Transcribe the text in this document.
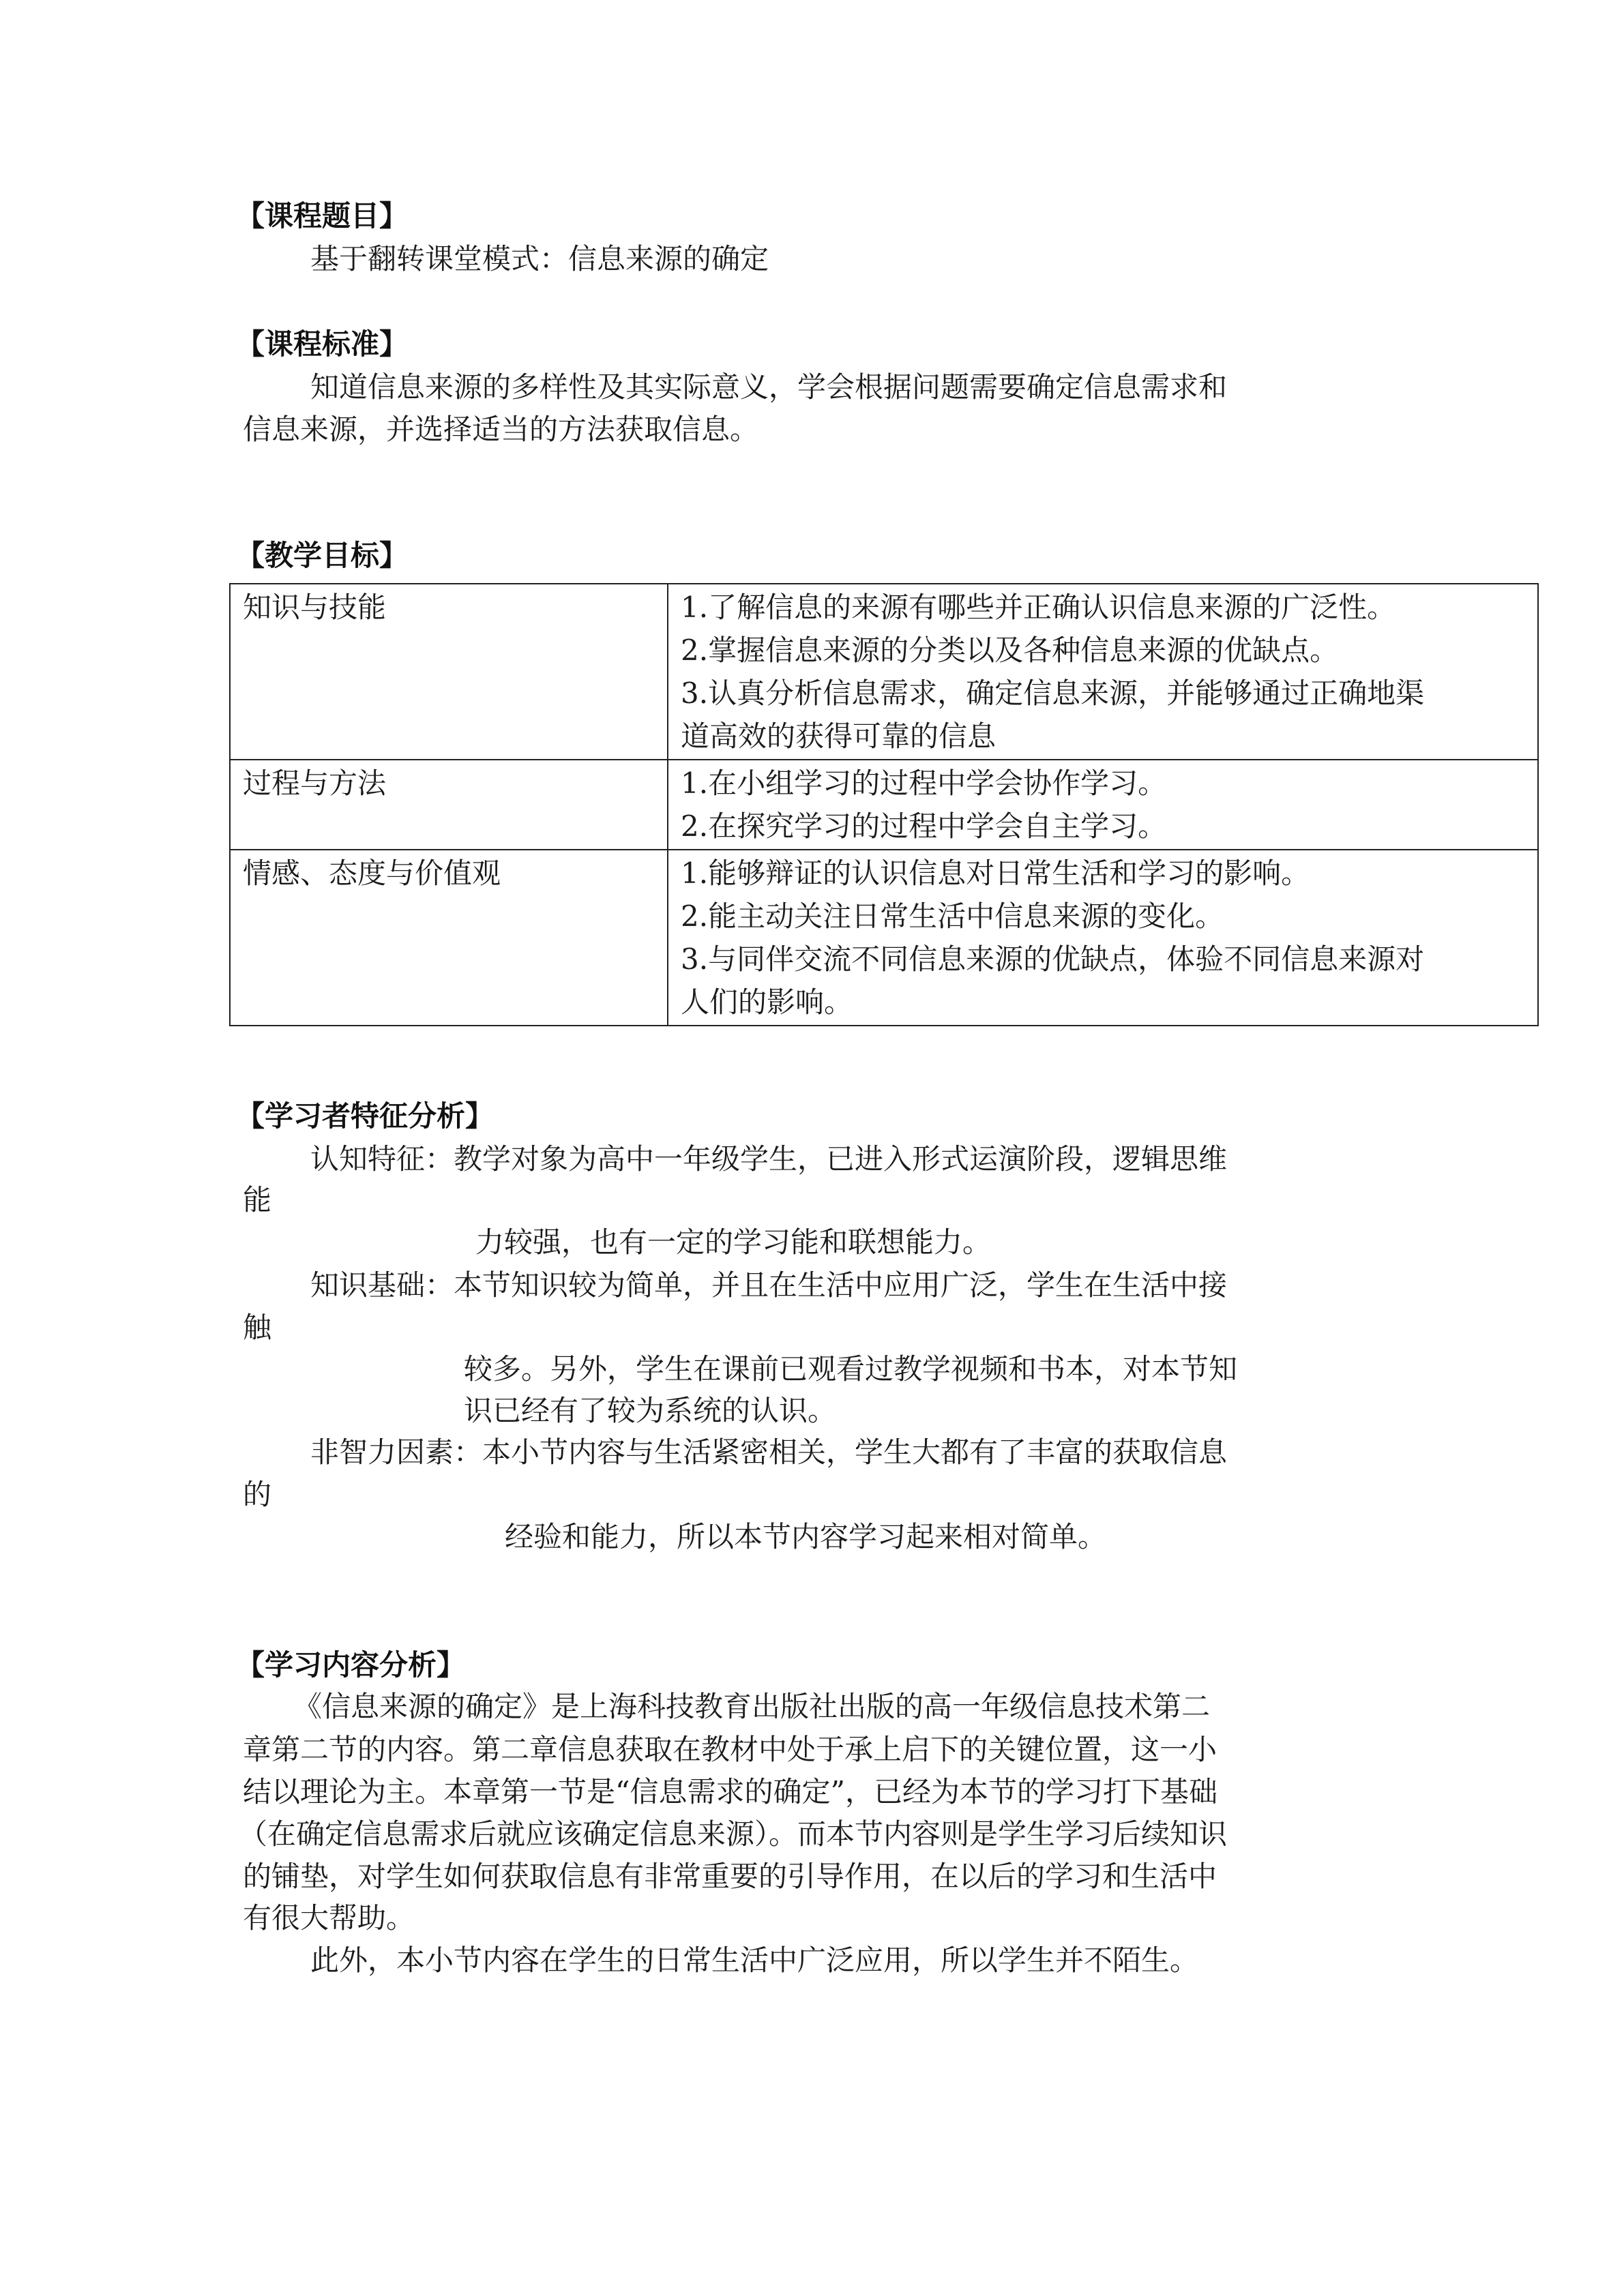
【课程题目】
基于翻转课堂模式：信息来源的确定
【课程标准】
知道信息来源的多样性及其实际意义，学会根据问题需要确定信息需求和
信息来源，并选择适当的方法获取信息。
【教学目标】
知识与技能	1.了解信息的来源有哪些并正确认识信息来源的广泛性。
2.掌握信息来源的分类以及各种信息来源的优缺点。
3.认真分析信息需求，确定信息来源，并能够通过正确地渠
道高效的获得可靠的信息

过程与方法	1.在小组学习的过程中学会协作学习。
2.在探究学习的过程中学会自主学习。

情感、态度与价值观	1.能够辩证的认识信息对日常生活和学习的影响。
2.能主动关注日常生活中信息来源的变化。
3.与同伴交流不同信息来源的优缺点，体验不同信息来源对
人们的影响。
【学习者特征分析】
认知特征：教学对象为高中一年级学生，已进入形式运演阶段，逻辑思维
能
力较强，也有一定的学习能和联想能力。
知识基础：本节知识较为简单，并且在生活中应用广泛，学生在生活中接
触
较多。另外，学生在课前已观看过教学视频和书本，对本节知
识已经有了较为系统的认识。
非智力因素：本小节内容与生活紧密相关，学生大都有了丰富的获取信息
的
经验和能力，所以本节内容学习起来相对简单。
【学习内容分析】
《信息来源的确定》是上海科技教育出版社出版的高一年级信息技术第二
章第二节的内容。第二章信息获取在教材中处于承上启下的关键位置，这一小
结以理论为主。本章第一节是“信息需求的确定”，已经为本节的学习打下基础
（在确定信息需求后就应该确定信息来源）。而本节内容则是学生学习后续知识
的铺垫，对学生如何获取信息有非常重要的引导作用，在以后的学习和生活中
有很大帮助。
此外，本小节内容在学生的日常生活中广泛应用，所以学生并不陌生。
